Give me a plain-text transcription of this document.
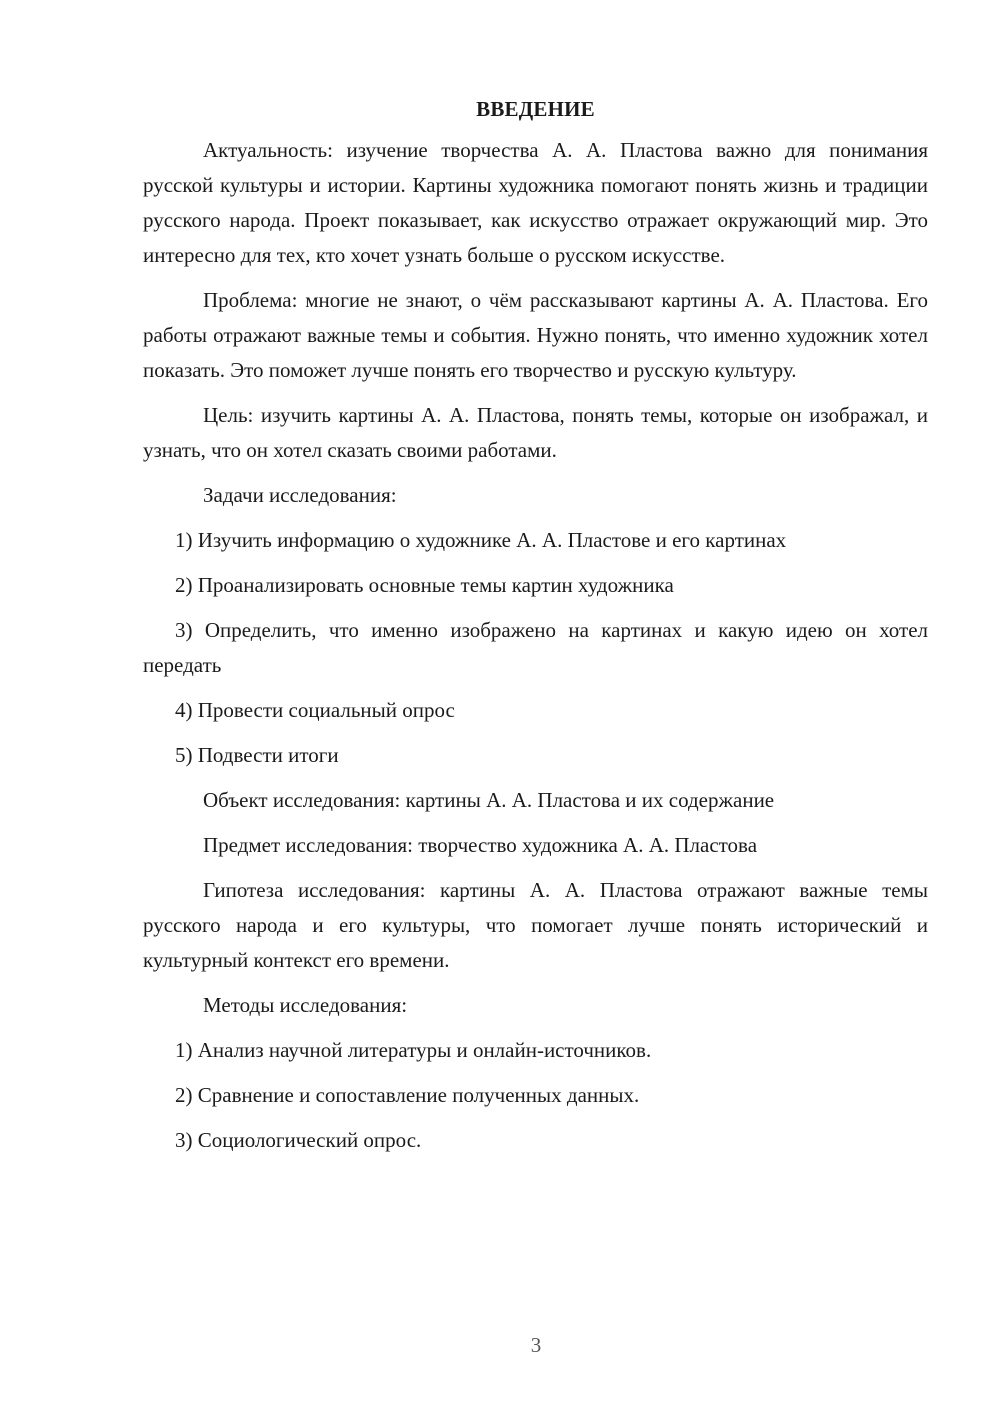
ВВЕДЕНИЕ

Актуальность: изучение творчества А. А. Пластова важно для понимания русской культуры и истории. Картины художника помогают понять жизнь и традиции русского народа. Проект показывает, как искусство отражает окружающий мир. Это интересно для тех, кто хочет узнать больше о русском искусстве.

Проблема: многие не знают, о чём рассказывают картины А. А. Пластова. Его работы отражают важные темы и события. Нужно понять, что именно художник хотел показать. Это поможет лучше понять его творчество и русскую культуру.

Цель: изучить картины А. А. Пластова, понять темы, которые он изображал, и узнать, что он хотел сказать своими работами.

Задачи исследования:

1) Изучить информацию о художнике А. А. Пластове и его картинах

2) Проанализировать основные темы картин художника

3) Определить, что именно изображено на картинах и какую идею он хотел передать

4) Провести социальный опрос

5) Подвести итоги

Объект исследования: картины А. А. Пластова и их содержание

Предмет исследования: творчество художника А. А. Пластова

Гипотеза исследования: картины А. А. Пластова отражают важные темы русского народа и его культуры, что помогает лучше понять исторический и культурный контекст его времени.

Методы исследования:

1) Анализ научной литературы и онлайн-источников.

2) Сравнение и сопоставление полученных данных.

3) Социологический опрос.

3
